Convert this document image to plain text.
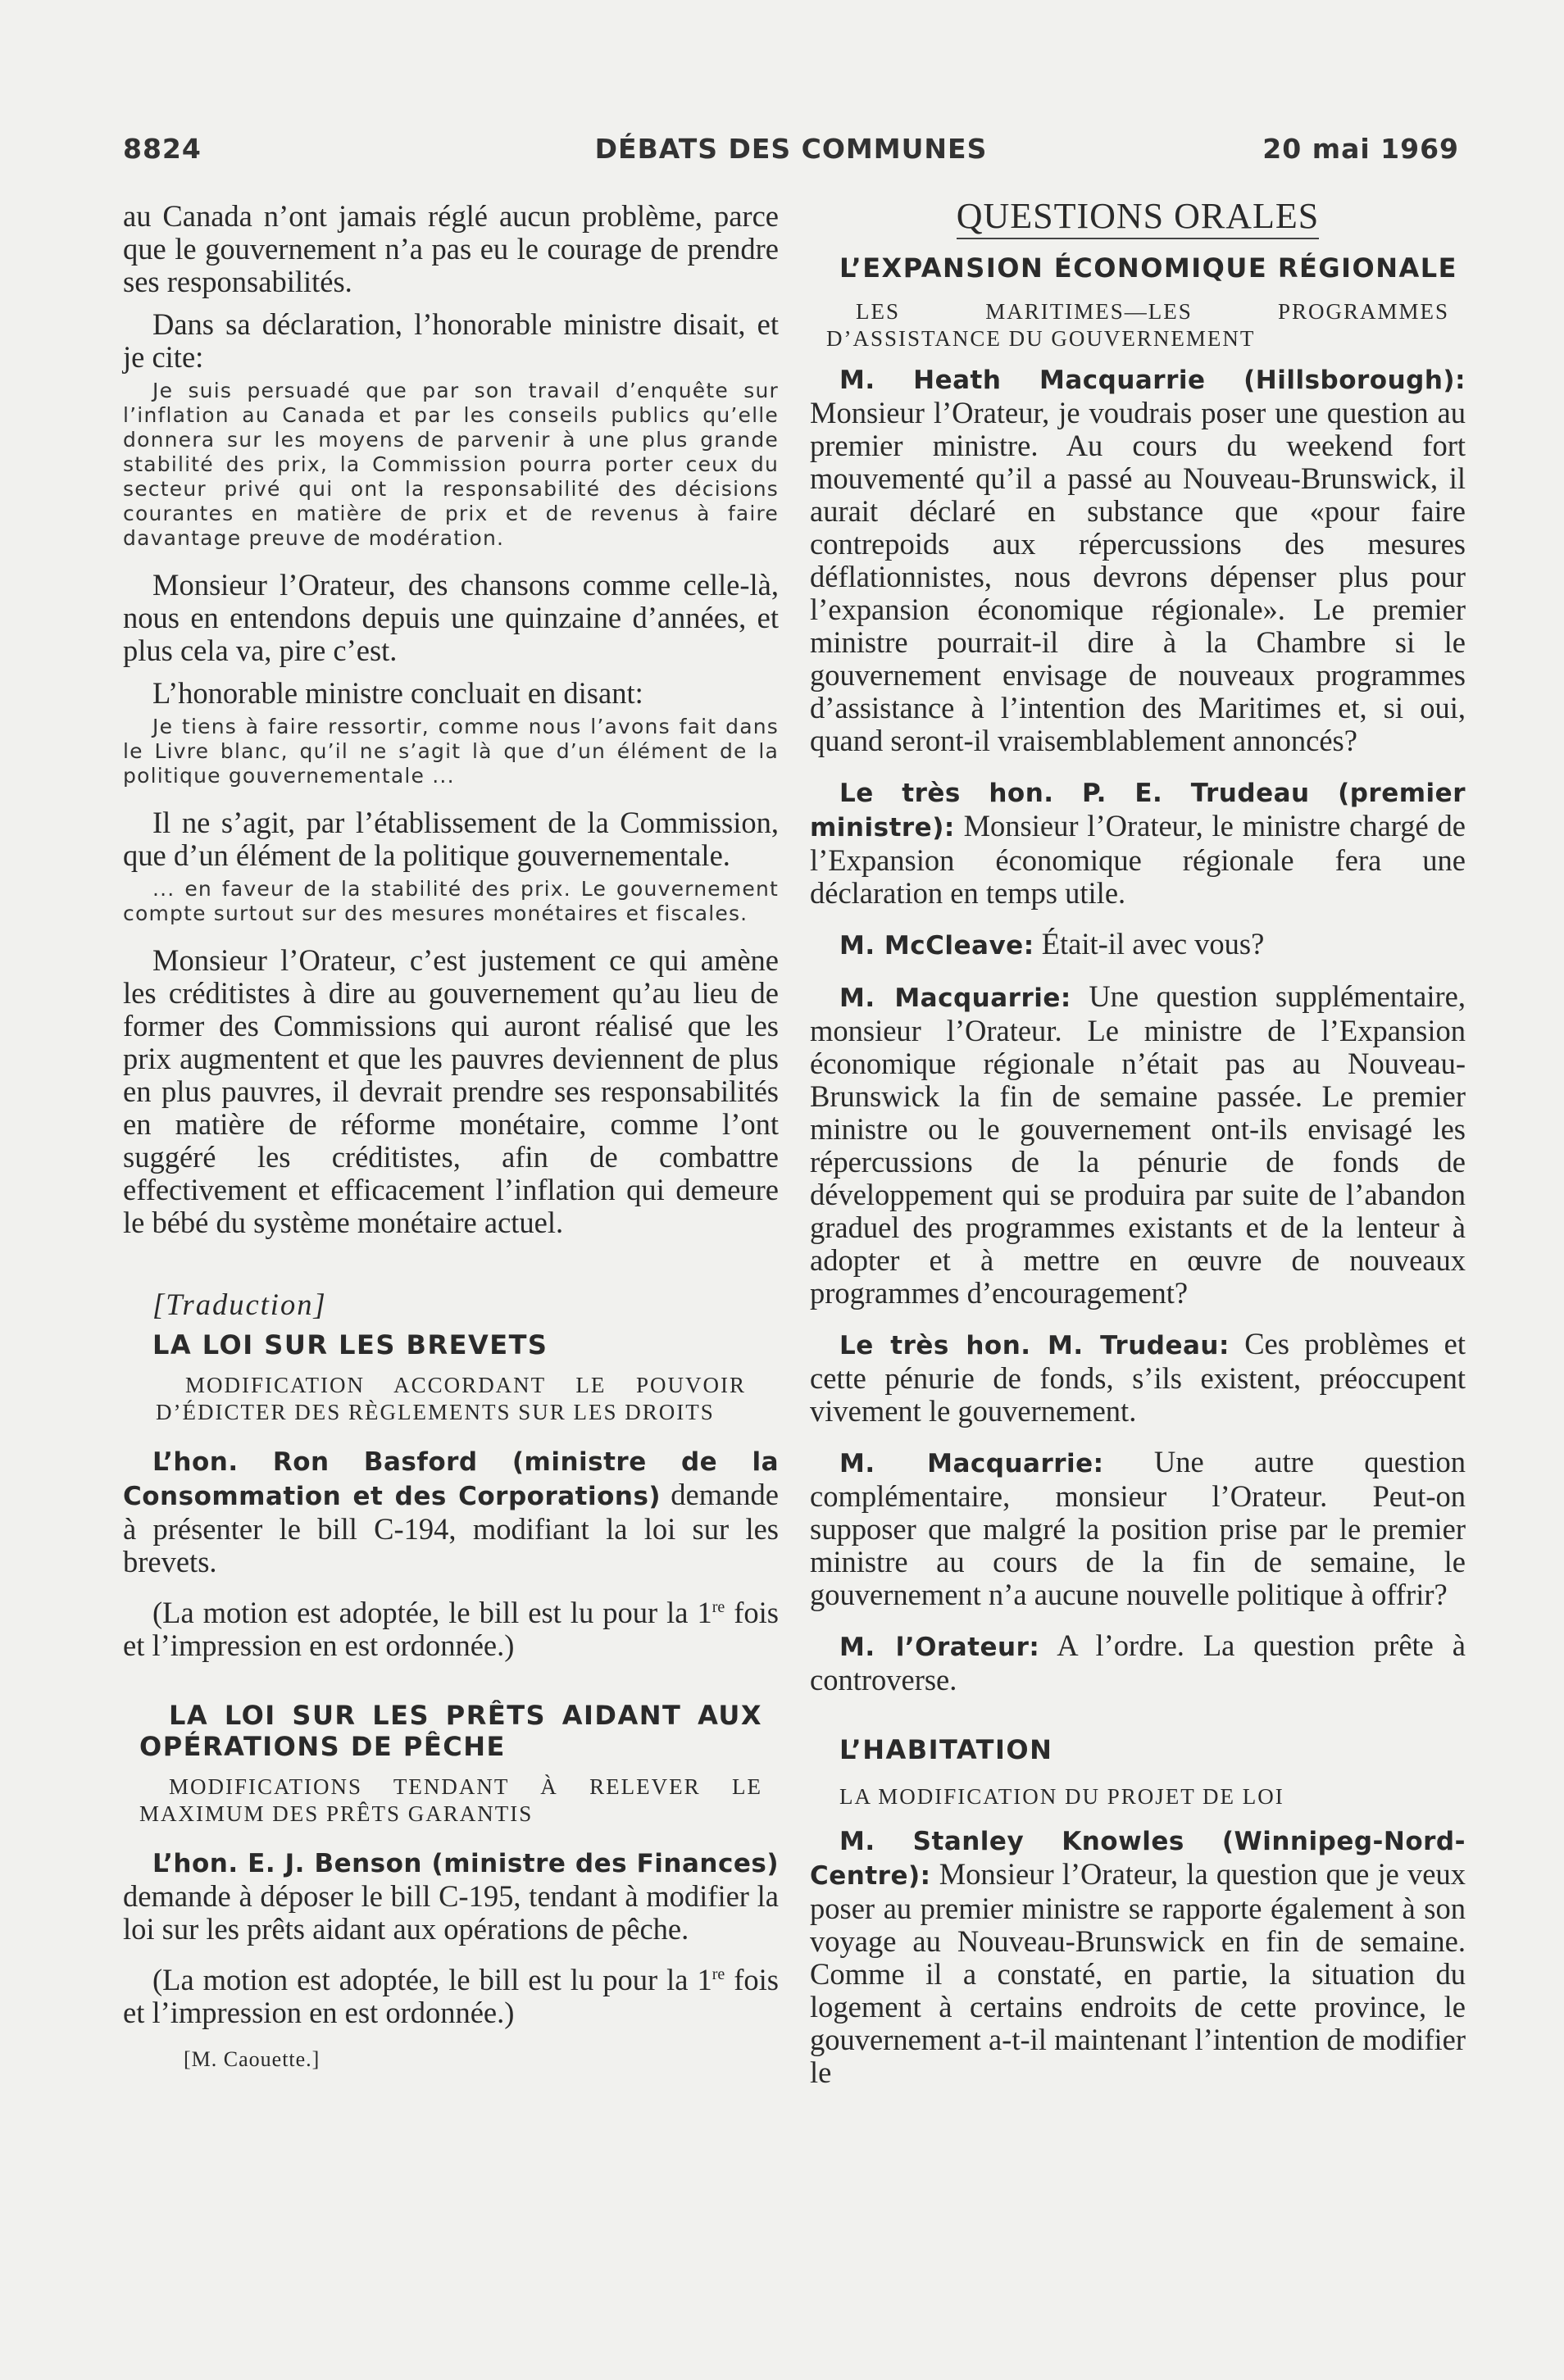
8824	DÉBATS DES COMMUNES	20 mai 1969

au Canada n’ont jamais réglé aucun problème, parce que le gouvernement n’a pas eu le courage de prendre ses responsabilités.

Dans sa déclaration, l’honorable ministre disait, et je cite:

Je suis persuadé que par son travail d’enquête sur l’inflation au Canada et par les conseils publics qu’elle donnera sur les moyens de parvenir à une plus grande stabilité des prix, la Commission pourra porter ceux du secteur privé qui ont la responsabilité des décisions courantes en matière de prix et de revenus à faire davantage preuve de modération.

Monsieur l’Orateur, des chansons comme celle-là, nous en entendons depuis une quinzaine d’années, et plus cela va, pire c’est.

L’honorable ministre concluait en disant:

Je tiens à faire ressortir, comme nous l’avons fait dans le Livre blanc, qu’il ne s’agit là que d’un élément de la politique gouvernementale ...

Il ne s’agit, par l’établissement de la Commission, que d’un élément de la politique gouvernementale.

... en faveur de la stabilité des prix. Le gouvernement compte surtout sur des mesures monétaires et fiscales.

Monsieur l’Orateur, c’est justement ce qui amène les créditistes à dire au gouvernement qu’au lieu de former des Commissions qui auront réalisé que les prix augmentent et que les pauvres deviennent de plus en plus pauvres, il devrait prendre ses responsabilités en matière de réforme monétaire, comme l’ont suggéré les créditistes, afin de combattre effectivement et efficacement l’inflation qui demeure le bébé du système monétaire actuel.

[Traduction]

LA LOI SUR LES BREVETS

MODIFICATION ACCORDANT LE POUVOIR D’ÉDICTER DES RÈGLEMENTS SUR LES DROITS

L’hon. Ron Basford (ministre de la Consommation et des Corporations) demande à présenter le bill C-194, modifiant la loi sur les brevets.

(La motion est adoptée, le bill est lu pour la 1re fois et l’impression en est ordonnée.)

LA LOI SUR LES PRÊTS AIDANT AUX OPÉRATIONS DE PÊCHE

MODIFICATIONS TENDANT À RELEVER LE MAXIMUM DES PRÊTS GARANTIS

L’hon. E. J. Benson (ministre des Finances) demande à déposer le bill C-195, tendant à modifier la loi sur les prêts aidant aux opérations de pêche.

(La motion est adoptée, le bill est lu pour la 1re fois et l’impression en est ordonnée.)

[M. Caouette.]

QUESTIONS ORALES

L’EXPANSION ÉCONOMIQUE RÉGIONALE

LES MARITIMES—LES PROGRAMMES D’ASSISTANCE DU GOUVERNEMENT

M. Heath Macquarrie (Hillsborough): Monsieur l’Orateur, je voudrais poser une question au premier ministre. Au cours du weekend fort mouvementé qu’il a passé au Nouveau-Brunswick, il aurait déclaré en substance que «pour faire contrepoids aux répercussions des mesures déflationnistes, nous devrons dépenser plus pour l’expansion économique régionale». Le premier ministre pourrait-il dire à la Chambre si le gouvernement envisage de nouveaux programmes d’assistance à l’intention des Maritimes et, si oui, quand seront-il vraisemblablement annoncés?

Le très hon. P. E. Trudeau (premier ministre): Monsieur l’Orateur, le ministre chargé de l’Expansion économique régionale fera une déclaration en temps utile.

M. McCleave: Était-il avec vous?

M. Macquarrie: Une question supplémentaire, monsieur l’Orateur. Le ministre de l’Expansion économique régionale n’était pas au Nouveau-Brunswick la fin de semaine passée. Le premier ministre ou le gouvernement ont-ils envisagé les répercussions de la pénurie de fonds de développement qui se produira par suite de l’abandon graduel des programmes existants et de la lenteur à adopter et à mettre en œuvre de nouveaux programmes d’encouragement?

Le très hon. M. Trudeau: Ces problèmes et cette pénurie de fonds, s’ils existent, préoccupent vivement le gouvernement.

M. Macquarrie: Une autre question complémentaire, monsieur l’Orateur. Peut-on supposer que malgré la position prise par le premier ministre au cours de la fin de semaine, le gouvernement n’a aucune nouvelle politique à offrir?

M. l’Orateur: A l’ordre. La question prête à controverse.

L’HABITATION

LA MODIFICATION DU PROJET DE LOI

M. Stanley Knowles (Winnipeg-Nord-Centre): Monsieur l’Orateur, la question que je veux poser au premier ministre se rapporte également à son voyage au Nouveau-Brunswick en fin de semaine. Comme il a constaté, en partie, la situation du logement à certains endroits de cette province, le gouvernement a-t-il maintenant l’intention de modifier le
